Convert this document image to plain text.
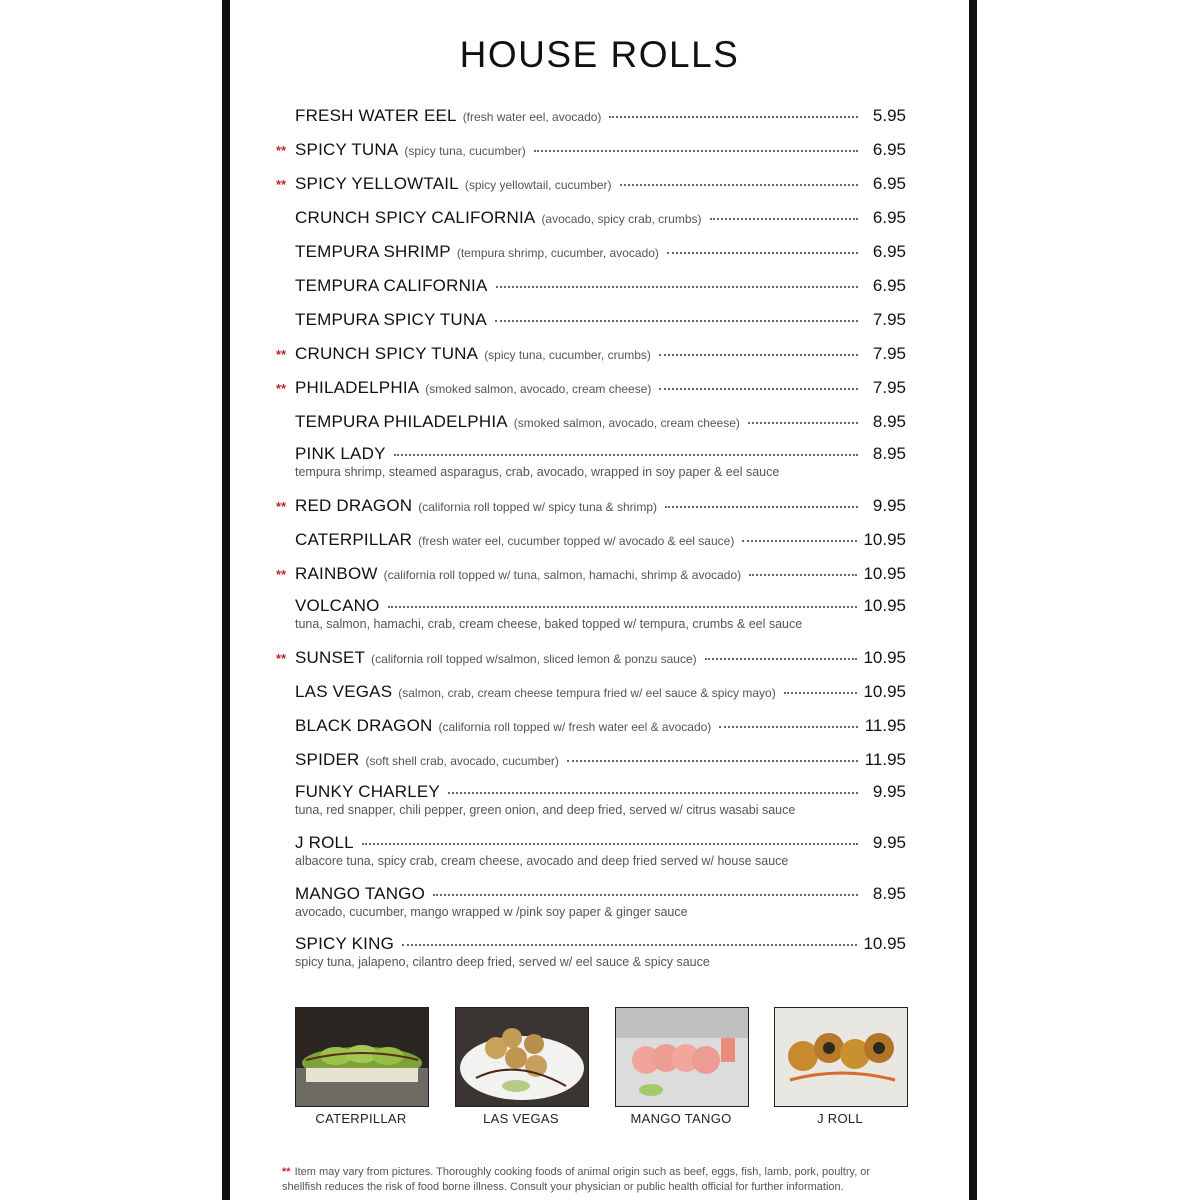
HOUSE ROLLS
FRESH WATER EEL (fresh water eel, avocado)	5.95
** SPICY TUNA (spicy tuna, cucumber)	6.95
** SPICY YELLOWTAIL (spicy yellowtail, cucumber)	6.95
CRUNCH SPICY CALIFORNIA (avocado, spicy crab, crumbs)	6.95
TEMPURA SHRIMP (tempura shrimp, cucumber, avocado)	6.95
TEMPURA CALIFORNIA	6.95
TEMPURA SPICY TUNA	7.95
** CRUNCH SPICY TUNA (spicy tuna, cucumber, crumbs)	7.95
** PHILADELPHIA (smoked salmon, avocado, cream cheese)	7.95
TEMPURA PHILADELPHIA (smoked salmon, avocado, cream cheese)	8.95
PINK LADY	8.95
tempura shrimp, steamed asparagus, crab, avocado, wrapped in soy paper & eel sauce
** RED DRAGON (california roll topped w/ spicy tuna & shrimp)	9.95
CATERPILLAR (fresh water eel, cucumber topped w/ avocado & eel sauce)	10.95
** RAINBOW (california roll topped w/ tuna, salmon, hamachi, shrimp & avocado)	10.95
VOLCANO	10.95
tuna, salmon, hamachi, crab, cream cheese, baked topped w/ tempura, crumbs & eel sauce
** SUNSET (california roll topped w/salmon, sliced lemon & ponzu sauce)	10.95
LAS VEGAS (salmon, crab, cream cheese tempura fried w/ eel sauce & spicy mayo)	10.95
BLACK DRAGON (california roll topped w/ fresh water eel & avocado)	11.95
SPIDER (soft shell crab, avocado, cucumber)	11.95
FUNKY CHARLEY	9.95
tuna, red snapper, chili pepper, green onion, and deep fried, served w/ citrus wasabi sauce
J ROLL	9.95
albacore tuna, spicy crab, cream cheese, avocado and deep fried served w/ house sauce
MANGO TANGO	8.95
avocado, cucumber, mango wrapped w /pink soy paper & ginger sauce
SPICY KING	10.95
spicy tuna, jalapeno, cilantro deep fried, served w/ eel sauce & spicy sauce
CATERPILLAR	LAS VEGAS	MANGO TANGO	J ROLL
** Item may vary from pictures. Thoroughly cooking foods of animal origin such as beef, eggs, fish, lamb, pork, poultry, or shellfish reduces the risk of food borne illness. Consult your physician or public health official for further information.
